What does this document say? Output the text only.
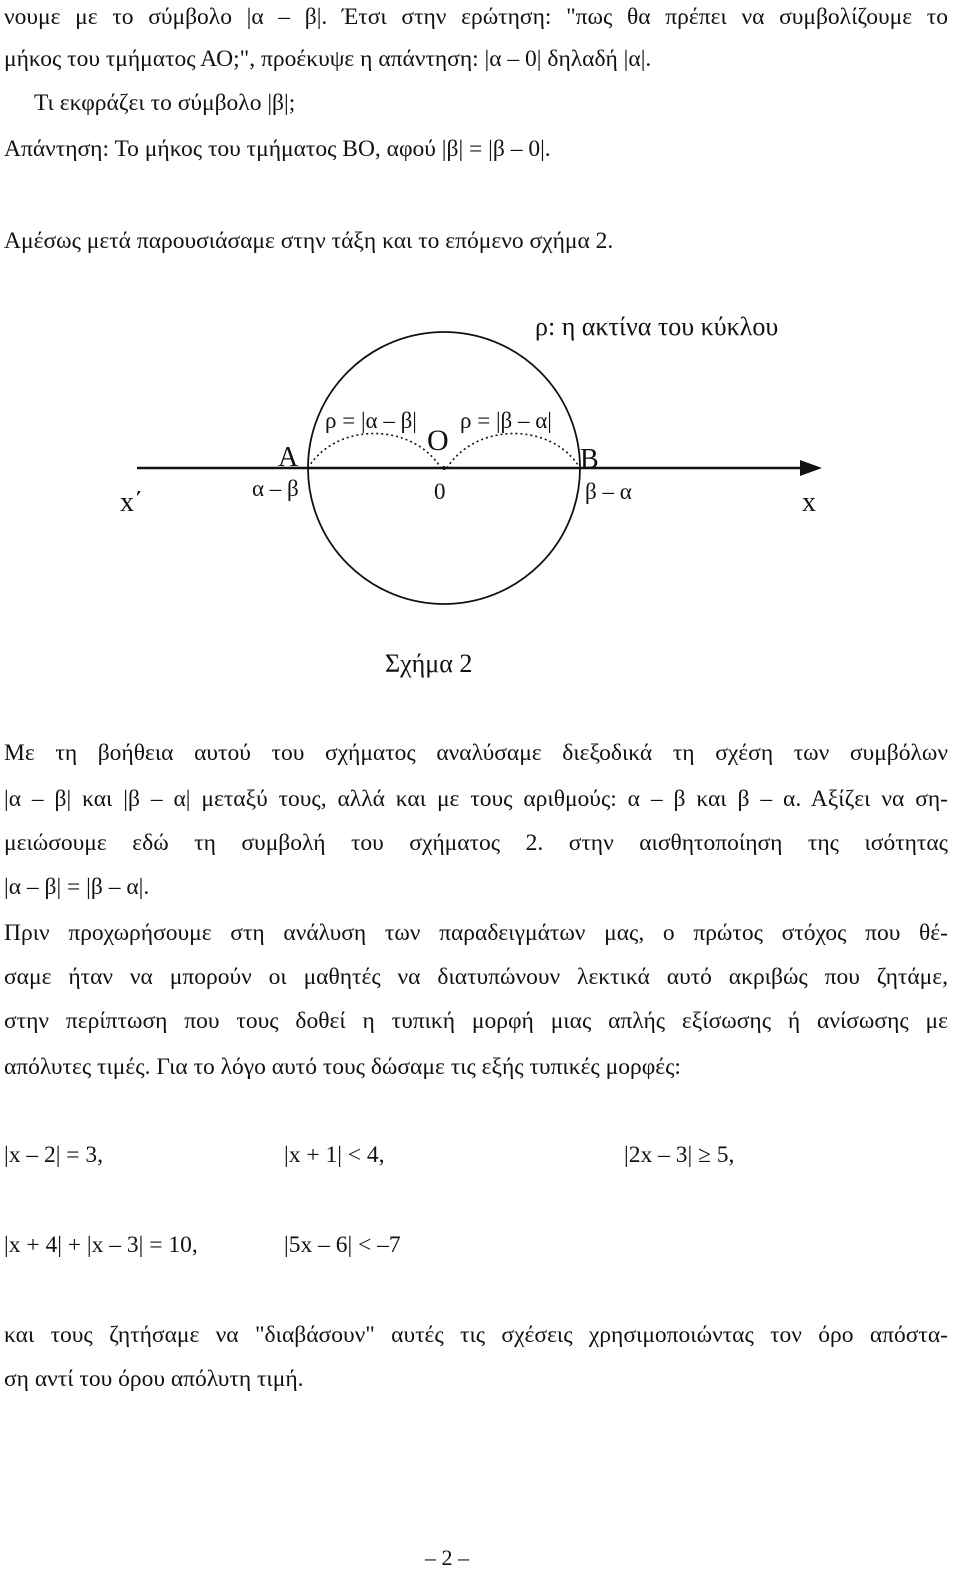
νουμε με το σύμβολο |α – β|. Έτσι στην ερώτηση: "πως θα πρέπει να συμβολίζουμε το
μήκος του τμήματος ΑΟ;", προέκυψε η απάντηση: |α – 0| δηλαδή |α|.
Τι εκφράζει το σύμβολο |β|;
Απάντηση: Το μήκος του τμήματος ΒΟ, αφού |β| = |β – 0|.
Αμέσως μετά παρουσιάσαμε στην τάξη και το επόμενο σχήμα 2.
ρ: η ακτίνα του κύκλου
ρ = |α – β| ρ = |β – α|
A
O
B
x΄	x
α – β	0	β – α
Σχήμα 2
Με τη βοήθεια αυτού του σχήματος αναλύσαμε διεξοδικά τη σχέση των συμβόλων
|α – β| και |β – α| μεταξύ τους, αλλά και με τους αριθμούς: α – β και β – α. Αξίζει να ση-
μειώσουμε εδώ τη συμβολή του σχήματος 2. στην αισθητοποίηση της ισότητας
|α – β| = |β – α|.
Πριν προχωρήσουμε στη ανάλυση των παραδειγμάτων μας, ο πρώτος στόχος που θέ-
σαμε ήταν να μπορούν οι μαθητές να διατυπώνουν λεκτικά αυτό ακριβώς που ζητάμε,
στην περίπτωση που τους δοθεί η τυπική μορφή μιας απλής εξίσωσης ή ανίσωσης με
απόλυτες τιμές. Για το λόγο αυτό τους δώσαμε τις εξής τυπικές μορφές:
|x – 2| = 3,	|x + 1| < 4,	|2x – 3| ≥ 5,
|x + 4| + |x – 3| = 10,	|5x – 6| < –7
και τους ζητήσαμε να "διαβάσουν" αυτές τις σχέσεις χρησιμοποιώντας τον όρο απόστα-
ση αντί του όρου απόλυτη τιμή.
– 2 –
